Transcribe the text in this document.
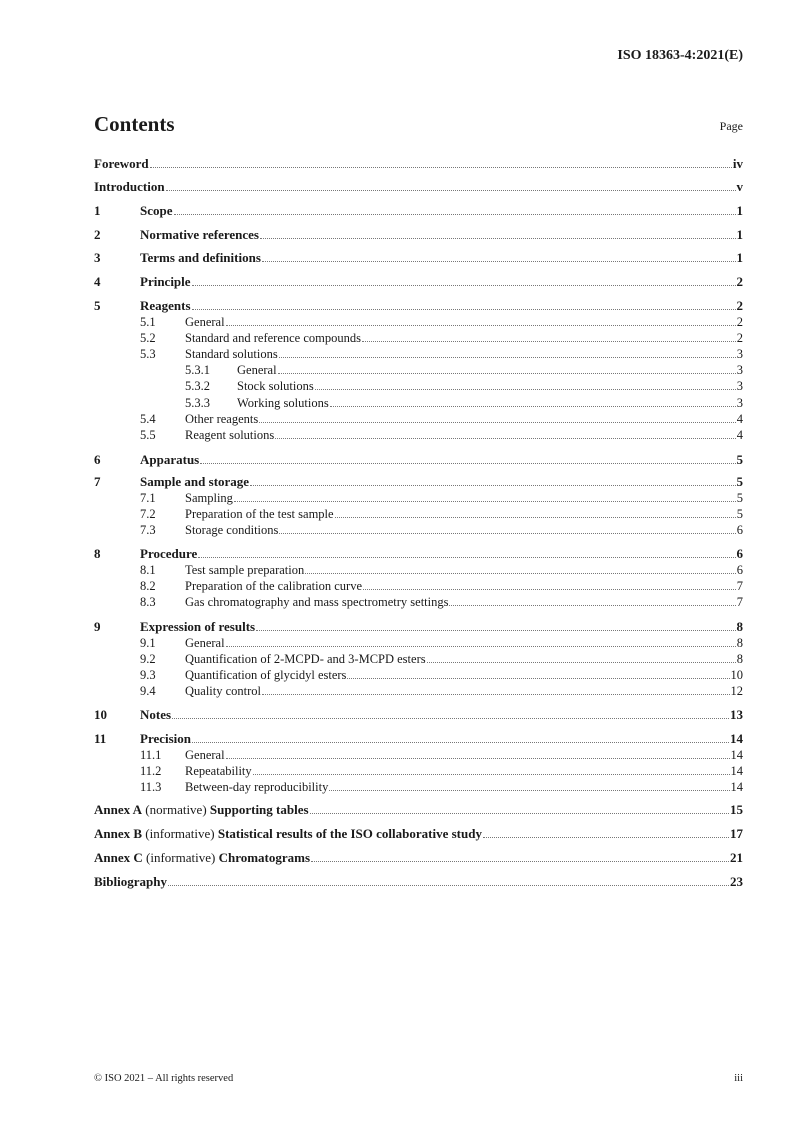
ISO 18363-4:2021(E)
Contents	Page
Foreword	iv
Introduction	v
1	Scope	1
2	Normative references	1
3	Terms and definitions	1
4	Principle	2
5	Reagents	2
5.1	General	2
5.2	Standard and reference compounds	2
5.3	Standard solutions	3
5.3.1	General	3
5.3.2	Stock solutions	3
5.3.3	Working solutions	3
5.4	Other reagents	4
5.5	Reagent solutions	4
6	Apparatus	5
7	Sample and storage	5
7.1	Sampling	5
7.2	Preparation of the test sample	5
7.3	Storage conditions	6
8	Procedure	6
8.1	Test sample preparation	6
8.2	Preparation of the calibration curve	7
8.3	Gas chromatography and mass spectrometry settings	7
9	Expression of results	8
9.1	General	8
9.2	Quantification of 2-MCPD- and 3-MCPD esters	8
9.3	Quantification of glycidyl esters	10
9.4	Quality control	12
10	Notes	13
11	Precision	14
11.1	General	14
11.2	Repeatability	14
11.3	Between-day reproducibility	14
Annex A (normative) Supporting tables	15
Annex B (informative) Statistical results of the ISO collaborative study	17
Annex C (informative) Chromatograms	21
Bibliography	23
© ISO 2021 – All rights reserved	iii
